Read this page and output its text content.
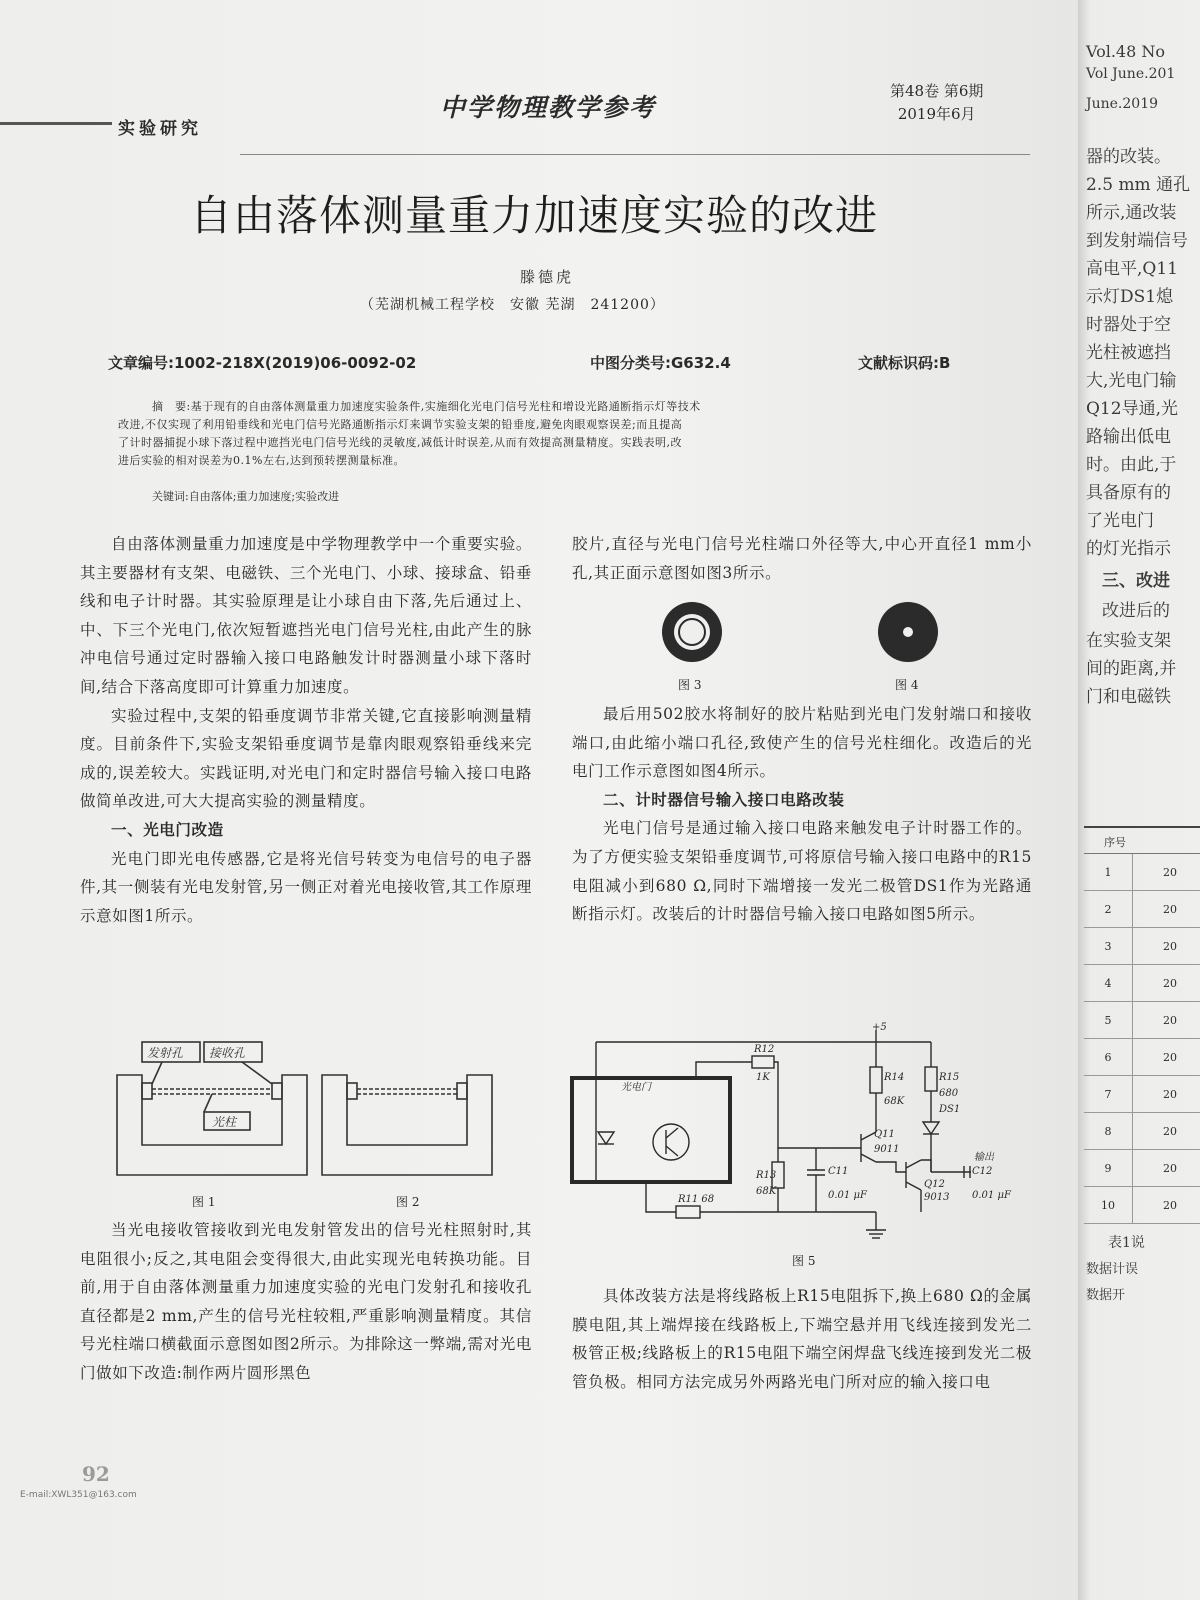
实验研究
中学物理教学参考
第48卷 第6期
2019年6月
自由落体测量重力加速度实验的改进
滕德虎
（芜湖机械工程学校　安徽 芜湖　241200）
文章编号:1002-218X(2019)06-0092-02	中图分类号:G632.4	文献标识码:B
摘　要:基于现有的自由落体测量重力加速度实验条件,实施细化光电门信号光柱和增设光路通断指示灯等技术
改进,不仅实现了利用铅垂线和光电门信号光路通断指示灯来调节实验支架的铅垂度,避免肉眼观察误差;而且提高
了计时器捕捉小球下落过程中遮挡光电门信号光线的灵敏度,减低计时误差,从而有效提高测量精度。实践表明,改
进后实验的相对误差为0.1%左右,达到预转摆测量标准。
关键词:自由落体;重力加速度;实验改进

自由落体测量重力加速度是中学物理教学中一个重要实验。其主要器材有支架、电磁铁、三个光电门、小球、接球盒、铅垂线和电子计时器。其实验原理是让小球自由下落,先后通过上、中、下三个光电门,依次短暂遮挡光电门信号光柱,由此产生的脉冲电信号通过定时器输入接口电路触发计时器测量小球下落时间,结合下落高度即可计算重力加速度。

实验过程中,支架的铅垂度调节非常关键,它直接影响测量精度。目前条件下,实验支架铅垂度调节是靠肉眼观察铅垂线来完成的,误差较大。实践证明,对光电门和定时器信号输入接口电路做简单改进,可大大提高实验的测量精度。

一、光电门改造

光电门即光电传感器,它是将光信号转变为电信号的电子器件,其一侧装有光电发射管,另一侧正对着光电接收管,其工作原理示意如图1所示。

发射孔 接收孔
光柱
图 1	图 2

当光电接收管接收到光电发射管发出的信号光柱照射时,其电阻很小;反之,其电阻会变得很大,由此实现光电转换功能。目前,用于自由落体测量重力加速度实验的光电门发射孔和接收孔直径都是2 mm,产生的信号光柱较粗,严重影响测量精度。其信号光柱端口横截面示意图如图2所示。为排除这一弊端,需对光电门做如下改造:制作两片圆形黑色

胶片,直径与光电门信号光柱端口外径等大,中心开直径1 mm小孔,其正面示意图如图3所示。

图 3	图 4

最后用502胶水将制好的胶片粘贴到光电门发射端口和接收端口,由此缩小端口孔径,致使产生的信号光柱细化。改造后的光电门工作示意图如图4所示。

二、计时器信号输入接口电路改装

光电门信号是通过输入接口电路来触发电子计时器工作的。为了方便实验支架铅垂度调节,可将原信号输入接口电路中的R15电阻减小到680 Ω,同时下端增接一发光二极管DS1作为光路通断指示灯。改装后的计时器信号输入接口电路如图5所示。

+5
光电门
R12
1K	R14
68K
R15
680
DS1
Q11
9011
Q12
9013
R13
68K
C11
0.01 μF
C12
0.01 μF
R11 68
输出
图 5

具体改装方法是将线路板上R15电阻拆下,换上680 Ω的金属膜电阻,其上端焊接在线路板上,下端空悬并用飞线连接到发光二极管正极;线路板上的R15电阻下端空闲焊盘飞线连接到发光二极管负极。相同方法完成另外两路光电门所对应的输入接口电

92
E-mail:XWL351@163.com
Vol.48 No
Vol June.201
June.2019
器的改装。
2.5 mm 通孔
所示,通改装
到发射端信号
高电平,Q11
示灯DS1熄
时器处于空
光柱被遮挡
大,光电门输
Q12导通,光
路输出低电
时。由此,于
具备原有的
了光电门
的灯光指示
三、改进
改进后的
在实验支架
间的距离,并
门和电磁铁
序号
1	20
2	20
3	20
4	20
5	20
6	20
7	20
8	20
9	20
10	20
表1说
数据计误
数据开
